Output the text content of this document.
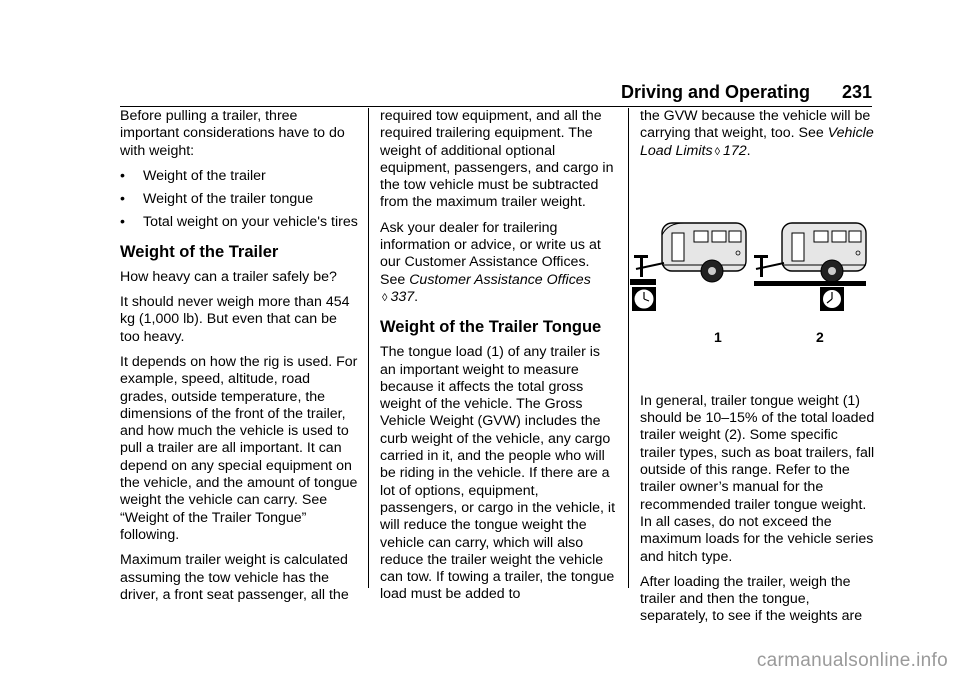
Driving and Operating 231

Before pulling a trailer, three important considerations have to do with weight:

•	Weight of the trailer
•	Weight of the trailer tongue
•	Total weight on your vehicle's tires
Weight of the Trailer

How heavy can a trailer safely be?

It should never weigh more than 454 kg (1,000 lb). But even that can be too heavy.

It depends on how the rig is used. For example, speed, altitude, road grades, outside temperature, the dimensions of the front of the trailer, and how much the vehicle is used to pull a trailer are all important. It can depend on any special equipment on the vehicle, and the amount of tongue weight the vehicle can carry. See “Weight of the Trailer Tongue” following.

Maximum trailer weight is calculated assuming the tow vehicle has the driver, a front seat passenger, all the

required tow equipment, and all the required trailering equipment. The weight of additional optional equipment, passengers, and cargo in the tow vehicle must be subtracted from the maximum trailer weight.

Ask your dealer for trailering information or advice, or write us at our Customer Assistance Offices. See Customer Assistance Offices
◊ 337.

Weight of the Trailer Tongue

The tongue load (1) of any trailer is an important weight to measure because it affects the total gross weight of the vehicle. The Gross Vehicle Weight (GVW) includes the curb weight of the vehicle, any cargo carried in it, and the people who will be riding in the vehicle. If there are a lot of options, equipment, passengers, or cargo in the vehicle, it will reduce the tongue weight the vehicle can carry, which will also reduce the trailer weight the vehicle can tow. If towing a trailer, the tongue load must be added to

the GVW because the vehicle will be carrying that weight, too. See Vehicle Load Limits ◊ 172.

1	2

In general, trailer tongue weight (1) should be 10–15% of the total loaded trailer weight (2). Some specific trailer types, such as boat trailers, fall outside of this range. Refer to the trailer owner’s manual for the recommended trailer tongue weight. In all cases, do not exceed the maximum loads for the vehicle series and hitch type.

After loading the trailer, weigh the trailer and then the tongue, separately, to see if the weights are

carmanualsonline.info
